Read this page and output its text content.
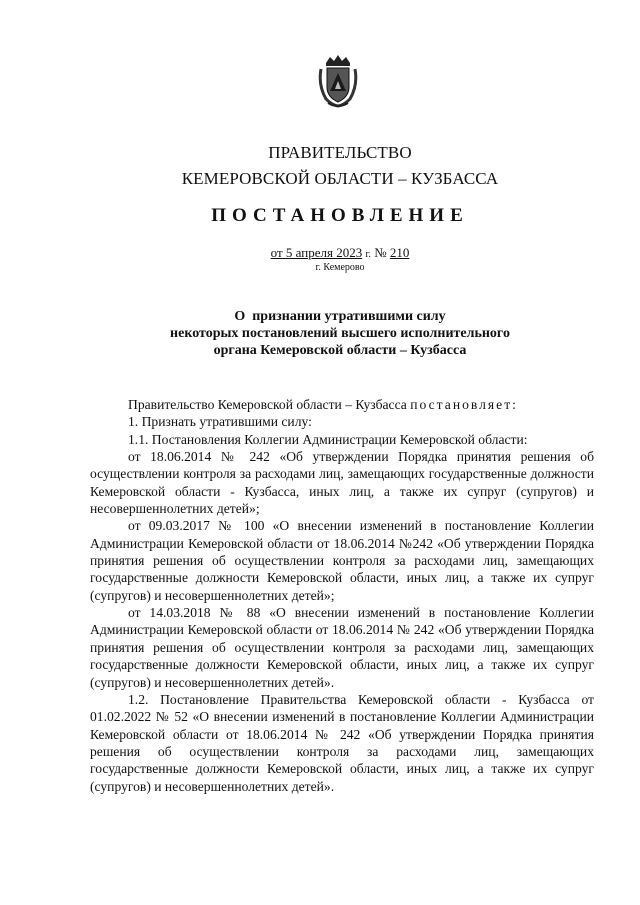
ПРАВИТЕЛЬСТВО
КЕМЕРОВСКОЙ ОБЛАСТИ – КУЗБАССА
ПОСТАНОВЛЕНИЕ
от 5 апреля 2023 г. № 210
г. Кемерово
О  признании утратившими силу
некоторых постановлений высшего исполнительного
органа Кемеровской области – Кузбасса

Правительство Кемеровской области – Кузбасса постановляет:

1. Признать утратившими силу:

1.1. Постановления Коллегии Администрации Кемеровской области:

от 18.06.2014 № 242 «Об утверждении Порядка принятия решения об осуществлении контроля за расходами лиц, замещающих государственные должности Кемеровской области - Кузбасса, иных лиц, а также их супруг (супругов) и несовершеннолетних детей»;

от 09.03.2017 № 100 «О внесении изменений в постановление Коллегии Администрации Кемеровской области от 18.06.2014 №242 «Об утверждении Порядка принятия решения об осуществлении контроля за расходами лиц, замещающих государственные должности Кемеровской области, иных лиц, а также их супруг (супругов) и несовершеннолетних детей»;

от 14.03.2018 № 88 «О внесении изменений в постановление Коллегии Администрации Кемеровской области от 18.06.2014 № 242 «Об утверждении Порядка принятия решения об осуществлении контроля за расходами лиц, замещающих государственные должности Кемеровской области, иных лиц, а также их супруг (супругов) и несовершеннолетних детей».

1.2. Постановление Правительства Кемеровской области - Кузбасса от 01.02.2022 № 52 «О внесении изменений в постановление Коллегии Администрации Кемеровской области от 18.06.2014 № 242 «Об утверждении Порядка принятия решения об осуществлении контроля за расходами лиц, замещающих государственные должности Кемеровской области, иных лиц, а также их супруг (супругов) и несовершеннолетних детей».
